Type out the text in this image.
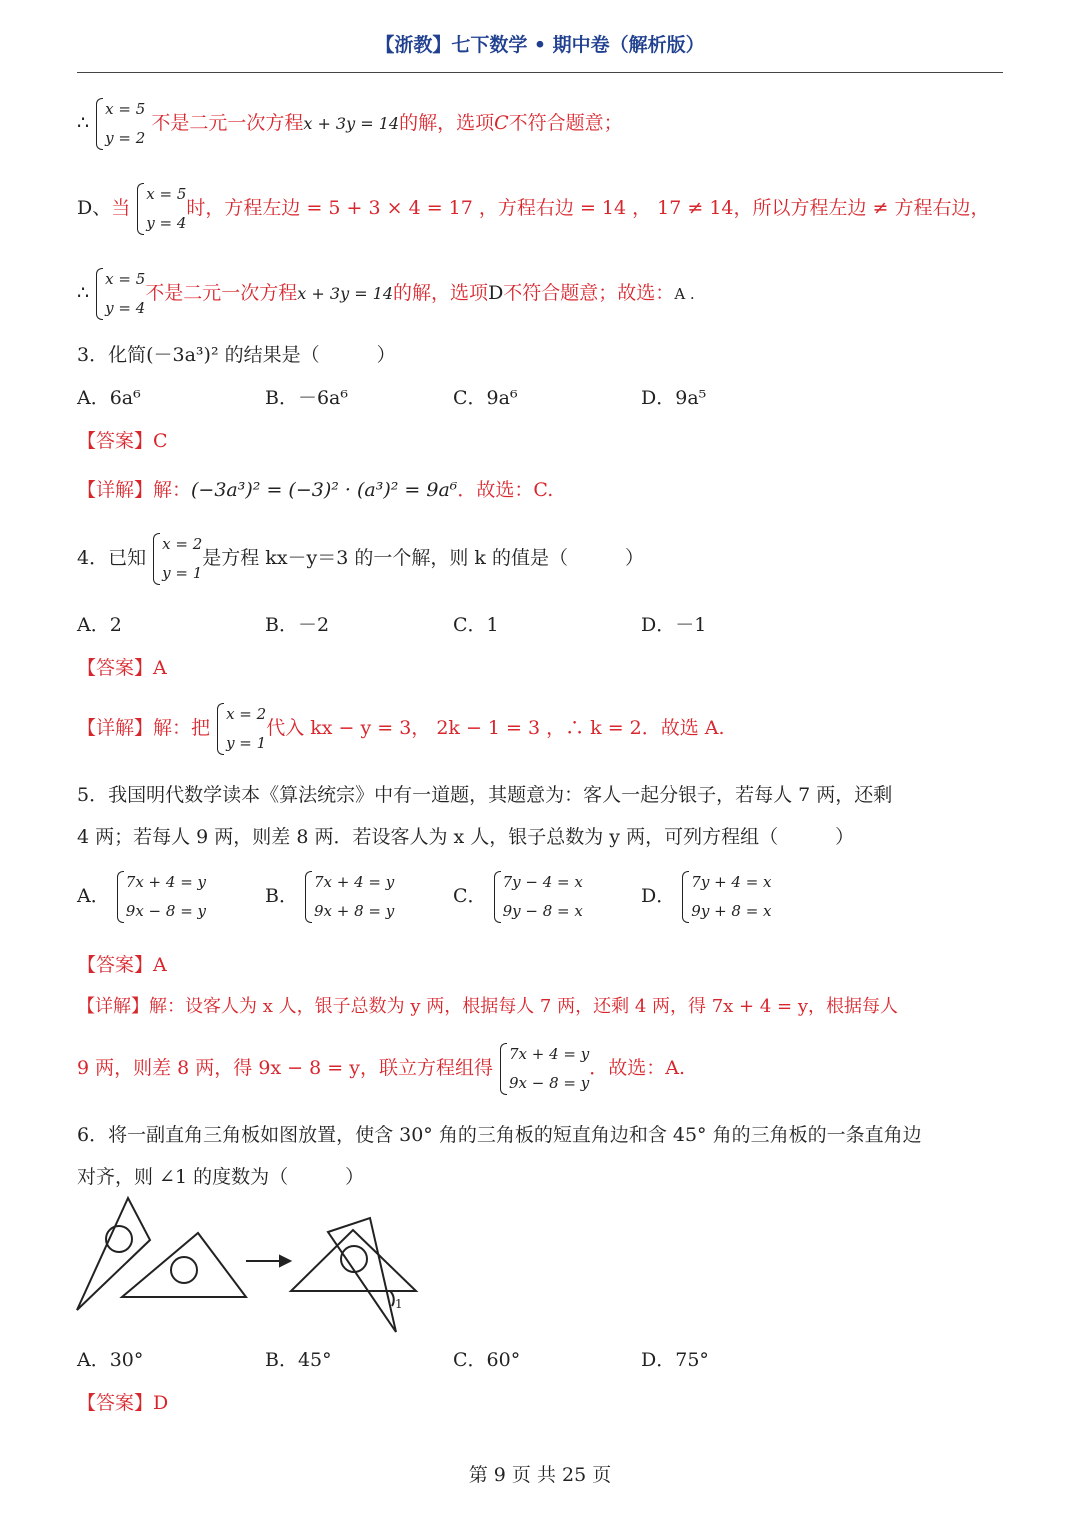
【浙教】七下数学 • 期中卷（解析版）
∴
x = 5
y = 2
不是二元一次方程x + 3y = 14的解，选项C不符合题意；
D、当
x = 5
y = 4
时，方程左边 = 5 + 3 × 4 = 17 ，方程右边 = 14 ， 17 ≠ 14，所以方程左边 ≠ 方程右边，
∴
x = 5
y = 4
不是二元一次方程x + 3y = 14的解，选项D不符合题意；故选：A .
3．化简(－3a³)² 的结果是（　　　）
A．6a⁶	B．－6a⁶	C．9a⁶	D．9a⁵
【答案】C
【详解】解：(−3a³)² = (−3)² · (a³)² = 9a⁶．故选：C.
4．已知
x = 2
y = 1
是方程 kx－y＝3 的一个解，则 k 的值是（　　　）
A．2	B．－2	C．1	D．－1
【答案】A
【详解】解：把
x = 2
y = 1
代入 kx − y = 3， 2k − 1 = 3 ，∴ k = 2．故选 A.
5．我国明代数学读本《算法统宗》中有一道题，其题意为：客人一起分银子，若每人 7 两，还剩
4 两；若每人 9 两，则差 8 两．若设客人为 x 人，银子总数为 y 两，可列方程组（　　　）
A．
7x + 4 = y
9x − 8 = y
B．
7x + 4 = y
9x + 8 = y
C．
7y − 4 = x
9y − 8 = x
D．
7y + 4 = x
9y + 8 = x
【答案】A
【详解】解：设客人为 x 人，银子总数为 y 两，根据每人 7 两，还剩 4 两，得 7x + 4 = y，根据每人
9 两，则差 8 两，得 9x − 8 = y，联立方程组得
7x + 4 = y
9x − 8 = y
．故选：A.
6．将一副直角三角板如图放置，使含 30° 角的三角板的短直角边和含 45° 角的三角板的一条直角边
对齐，则 ∠1 的度数为（　　　）
1
A．30°	B．45°	C．60°	D．75°
【答案】D
第 9 页 共 25 页
